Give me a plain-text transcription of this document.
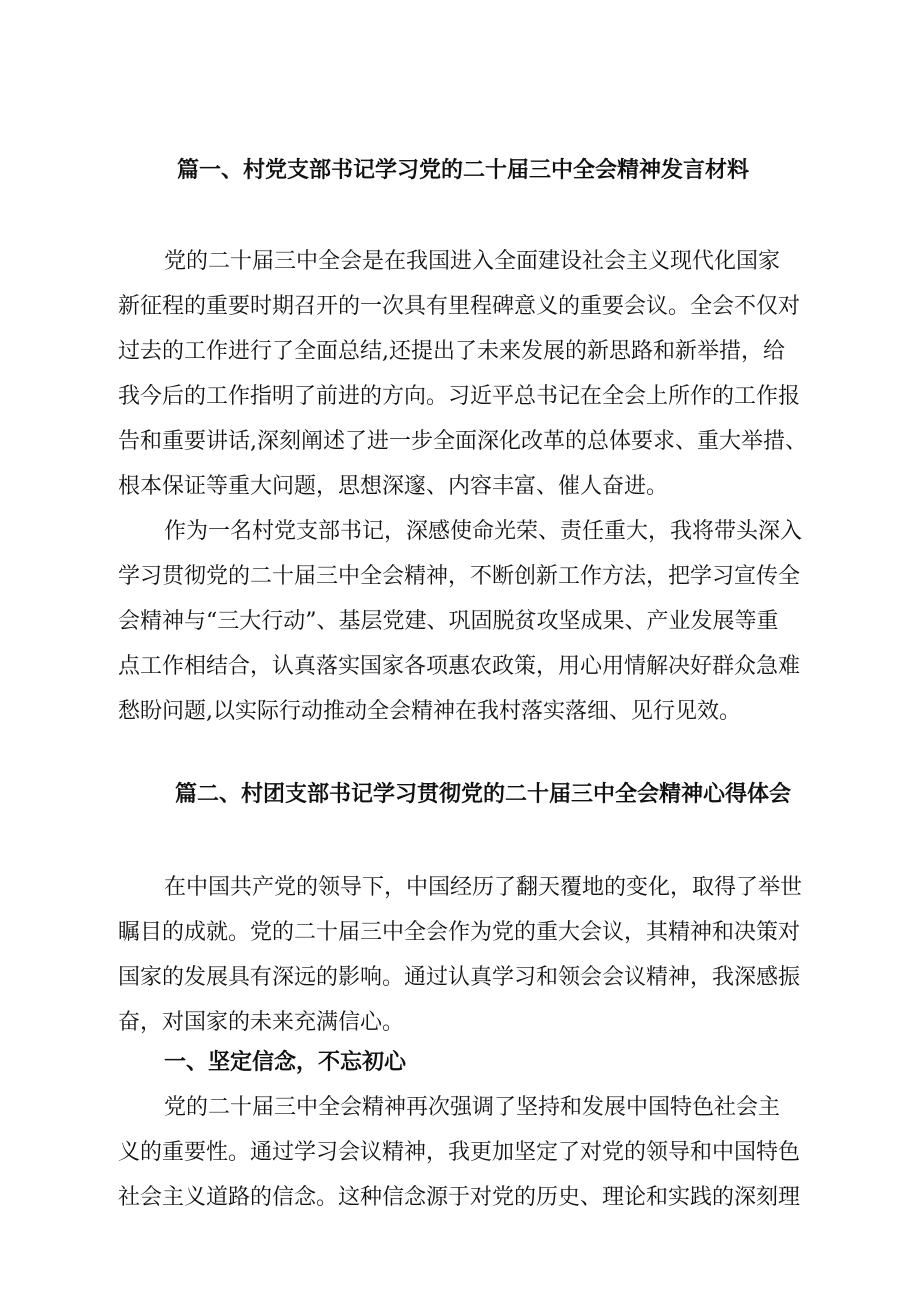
篇一、村党支部书记学习党的二十届三中全会精神发言材料
党的二十届三中全会是在我国进入全面建设社会主义现代化国家
新征程的重要时期召开的一次具有里程碑意义的重要会议。全会不仅对
过去的工作进行了全面总结,还提出了未来发展的新思路和新举措，给
我今后的工作指明了前进的方向。习近平总书记在全会上所作的工作报
告和重要讲话,深刻阐述了进一步全面深化改革的总体要求、重大举措、
根本保证等重大问题，思想深邃、内容丰富、催人奋进。
作为一名村党支部书记，深感使命光荣、责任重大，我将带头深入
学习贯彻党的二十届三中全会精神，不断创新工作方法，把学习宣传全
会精神与“三大行动”、基层党建、巩固脱贫攻坚成果、产业发展等重
点工作相结合，认真落实国家各项惠农政策，用心用情解决好群众急难
愁盼问题,以实际行动推动全会精神在我村落实落细、见行见效。
篇二、村团支部书记学习贯彻党的二十届三中全会精神心得体会
在中国共产党的领导下，中国经历了翻天覆地的变化，取得了举世
瞩目的成就。党的二十届三中全会作为党的重大会议，其精神和决策对
国家的发展具有深远的影响。通过认真学习和领会会议精神，我深感振
奋，对国家的未来充满信心。
一、坚定信念，不忘初心
党的二十届三中全会精神再次强调了坚持和发展中国特色社会主
义的重要性。通过学习会议精神，我更加坚定了对党的领导和中国特色
社会主义道路的信念。这种信念源于对党的历史、理论和实践的深刻理
